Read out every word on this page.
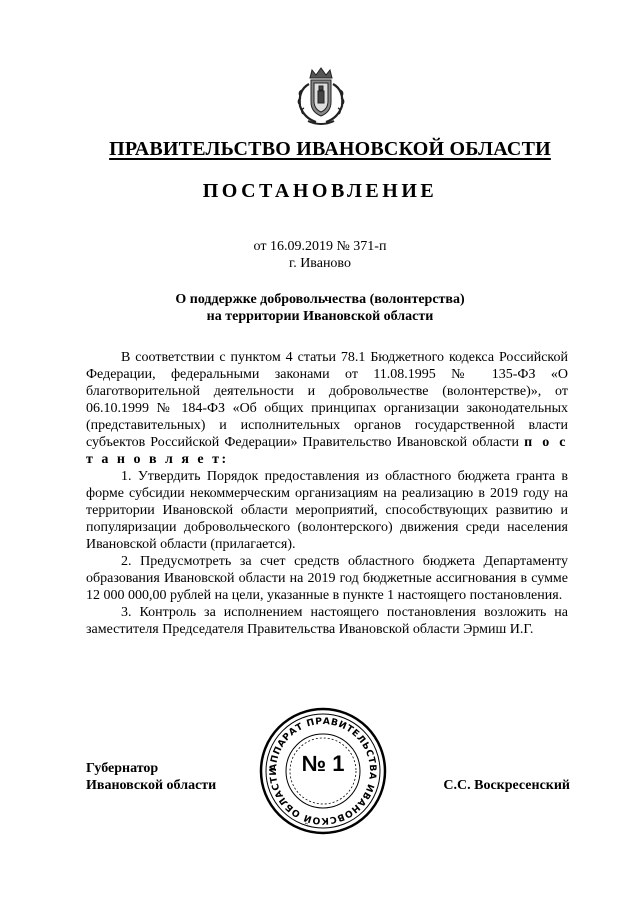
ПРАВИТЕЛЬСТВО ИВАНОВСКОЙ ОБЛАСТИ
ПОСТАНОВЛЕНИЕ
от 16.09.2019 № 371-п
г. Иваново
О поддержке добровольчества (волонтерства)
на территории Ивановской области

В соответствии с пунктом 4 статьи 78.1 Бюджетного кодекса Российской Федерации, федеральными законами от 11.08.1995 № 135-ФЗ «О благотворительной деятельности и добровольчестве (волонтерстве)», от 06.10.1999 № 184-ФЗ «Об общих принципах организации законодательных (представительных) и исполнительных органов государственной власти субъектов Российской Федерации» Правительство Ивановской области п о с т а н о в л я е т:

1. Утвердить Порядок предоставления из областного бюджета гранта в форме субсидии некоммерческим организациям на реализацию в 2019 году на территории Ивановской области мероприятий, способствующих развитию и популяризации добровольческого (волонтерского) движения среди населения Ивановской области (прилагается).

2. Предусмотреть за счет средств областного бюджета Департаменту образования Ивановской области на 2019 год бюджетные ассигнования в сумме 12 000 000,00 рублей на цели, указанные в пункте 1 настоящего постановления.

3. Контроль за исполнением настоящего постановления возложить на заместителя Председателя Правительства Ивановской области Эрмиш И.Г.

Губернатор
Ивановской области
АППАРАТ ПРАВИТЕЛЬСТВА ИВАНОВСКОЙ ОБЛАСТИ	№ 1
С.С. Воскресенский
